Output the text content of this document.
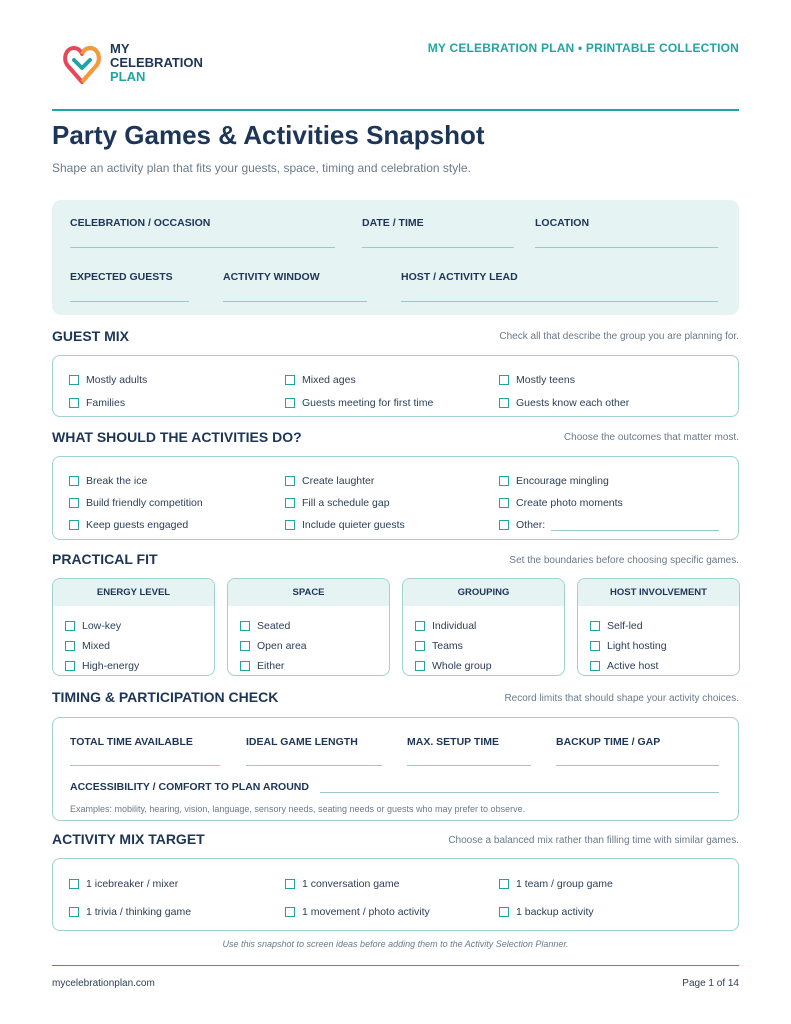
MY
CELEBRATION
PLAN
MY CELEBRATION PLAN • PRINTABLE COLLECTION
Party Games & Activities Snapshot
Shape an activity plan that fits your guests, space, timing and celebration style.
CELEBRATION / OCCASION	DATE / TIME	LOCATION
EXPECTED GUESTS	ACTIVITY WINDOW	HOST / ACTIVITY LEAD
GUEST MIX	Check all that describe the group you are planning for.
Mostly adults	Mixed ages	Mostly teens
Families	Guests meeting for first time	Guests know each other
WHAT SHOULD THE ACTIVITIES DO?	Choose the outcomes that matter most.
Break the ice	Create laughter	Encourage mingling
Build friendly competition	Fill a schedule gap	Create photo moments
Keep guests engaged	Include quieter guests	Other:
PRACTICAL FIT	Set the boundaries before choosing specific games.
ENERGY LEVEL
Low-key
Mixed
High-energy
SPACE
Seated
Open area
Either
GROUPING
Individual
Teams
Whole group
HOST INVOLVEMENT
Self-led
Light hosting
Active host
TIMING & PARTICIPATION CHECK	Record limits that should shape your activity choices.
TOTAL TIME AVAILABLE	IDEAL GAME LENGTH	MAX. SETUP TIME	BACKUP TIME / GAP
ACCESSIBILITY / COMFORT TO PLAN AROUND
Examples: mobility, hearing, vision, language, sensory needs, seating needs or guests who may prefer to observe.
ACTIVITY MIX TARGET	Choose a balanced mix rather than filling time with similar games.
1 icebreaker / mixer	1 conversation game	1 team / group game
1 trivia / thinking game	1 movement / photo activity	1 backup activity
Use this snapshot to screen ideas before adding them to the Activity Selection Planner.
mycelebrationplan.com	Page 1 of 14
